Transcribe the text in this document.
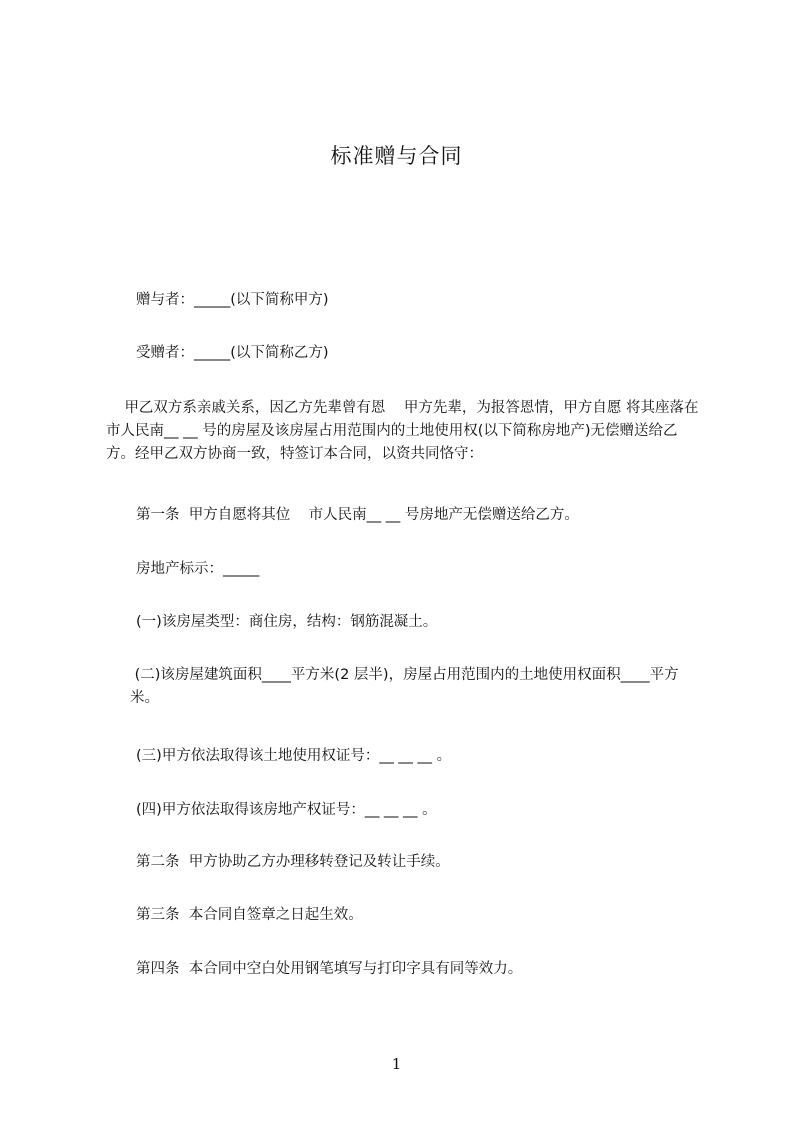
标准赠与合同
赠与者：_____(以下简称甲方)
受赠者：_____(以下简称乙方)
甲乙双方系亲戚关系，因乙方先辈曾有恩    甲方先辈，为报答恩情，甲方自愿 将其座落在市人民南__ __ 号的房屋及该房屋占用范围内的土地使用权(以下简称房地产)无偿赠送给乙方。经甲乙双方协商一致，特签订本合同，以资共同恪守：
第一条  甲方自愿将其位    市人民南__ __ 号房地产无偿赠送给乙方。
房地产标示：_____
(一)该房屋类型：商住房，结构：钢筋混凝土。
(二)该房屋建筑面积____平方米(2 层半)，房屋占用范围内的土地使用权面积____平方米。
(三)甲方依法取得该土地使用权证号：__ __ __ 。
(四)甲方依法取得该房地产权证号：__ __ __ 。
第二条  甲方协助乙方办理移转登记及转让手续。
第三条  本合同自签章之日起生效。
第四条  本合同中空白处用钢笔填写与打印字具有同等效力。
1
